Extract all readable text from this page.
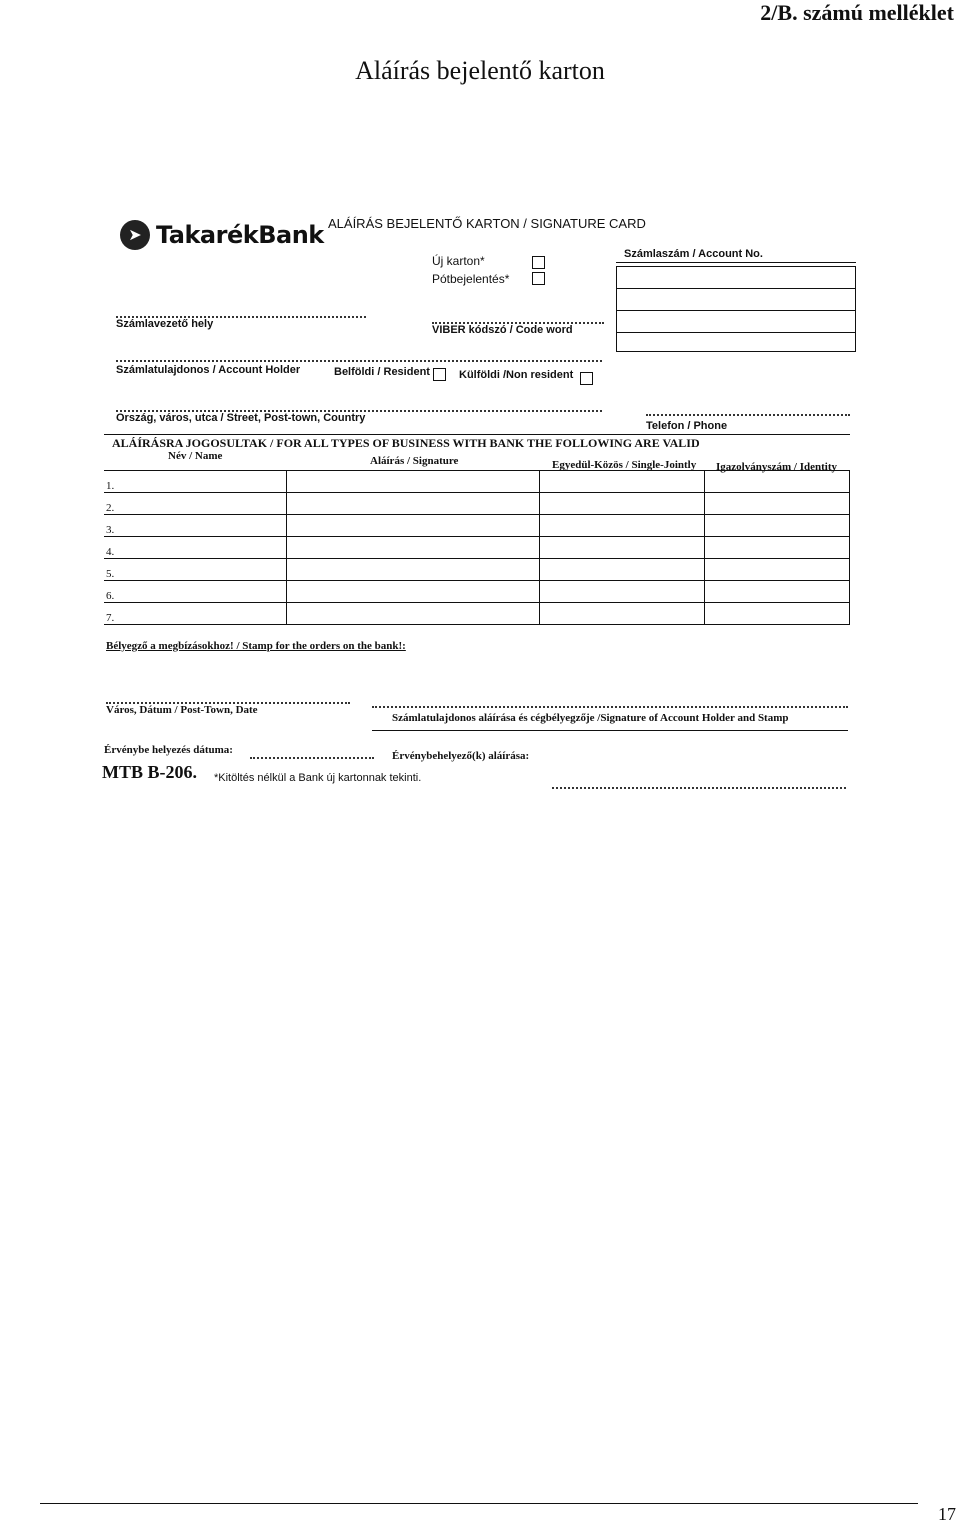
2/B. számú melléklet
Aláírás bejelentő karton
➤ TakarékBank ALÁÍRÁS BEJELENTŐ KARTON / SIGNATURE CARD
Új karton*
Pótbejelentés*
Számlaszám / Account No.
Számlavezető hely	VIBER kódszó / Code word
Számlatulajdonos / Account Holder	Belföldi / Resident	Külföldi /Non resident
Ország, város, utca / Street, Post-town, Country
Telefon / Phone
ALÁÍRÁSRA JOGOSULTAK / FOR ALL TYPES OF BUSINESS WITH BANK THE FOLLOWING ARE VALID
Név / Name	Aláírás / Signature	Egyedül-Közös / Single-Jointly Igazolványszám / Identity
1.			
2.			
3.			
4.			
5.			
6.			
7.			
Bélyegző a megbízásokhoz! / Stamp for the orders on the bank!:
Város, Dátum / Post-Town, Date
Számlatulajdonos aláírása és cégbélyegzője /Signature of Account Holder and Stamp
Érvénybe helyezés dátuma:	Érvénybehelyező(k) aláírása:
MTB B-206. *Kitöltés nélkül a Bank új kartonnak tekinti.
17
